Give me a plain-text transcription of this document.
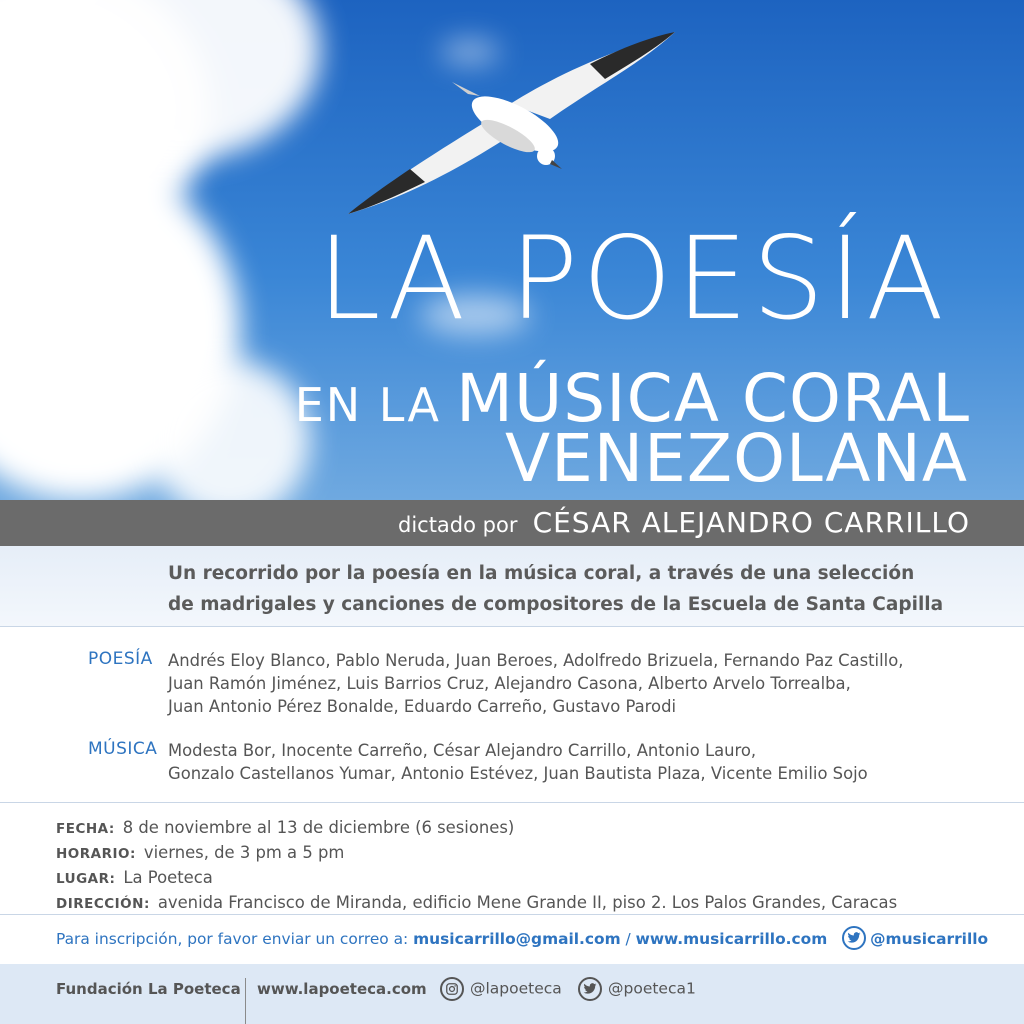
LA POESÍA
EN LA MÚSICA CORAL
VENEZOLANA
dictado por CÉSAR ALEJANDRO CARRILLO

Un recorrido por la poesía en la música coral, a través de una selección

de madrigales y canciones de compositores de la Escuela de Santa Capilla

POESÍA Andrés Eloy Blanco, Pablo Neruda, Juan Beroes, Adolfredo Brizuela, Fernando Paz Castillo,
Juan Ramón Jiménez, Luis Barrios Cruz, Alejandro Casona, Alberto Arvelo Torrealba,
Juan Antonio Pérez Bonalde, Eduardo Carreño, Gustavo Parodi
MÚSICA Modesta Bor, Inocente Carreño, César Alejandro Carrillo, Antonio Lauro,
Gonzalo Castellanos Yumar, Antonio Estévez, Juan Bautista Plaza, Vicente Emilio Sojo
FECHA: 8 de noviembre al 13 de diciembre (6 sesiones)
HORARIO: viernes, de 3 pm a 5 pm
LUGAR: La Poeteca
DIRECCIÓN: avenida Francisco de Miranda, edificio Mene Grande II, piso 2. Los Palos Grandes, Caracas
Para inscripción, por favor enviar un correo a: musicarrillo@gmail.com / www.musicarrillo.com	@musicarrillo
Fundación La Poeteca www.lapoeteca.com	@lapoeteca	@poeteca1
